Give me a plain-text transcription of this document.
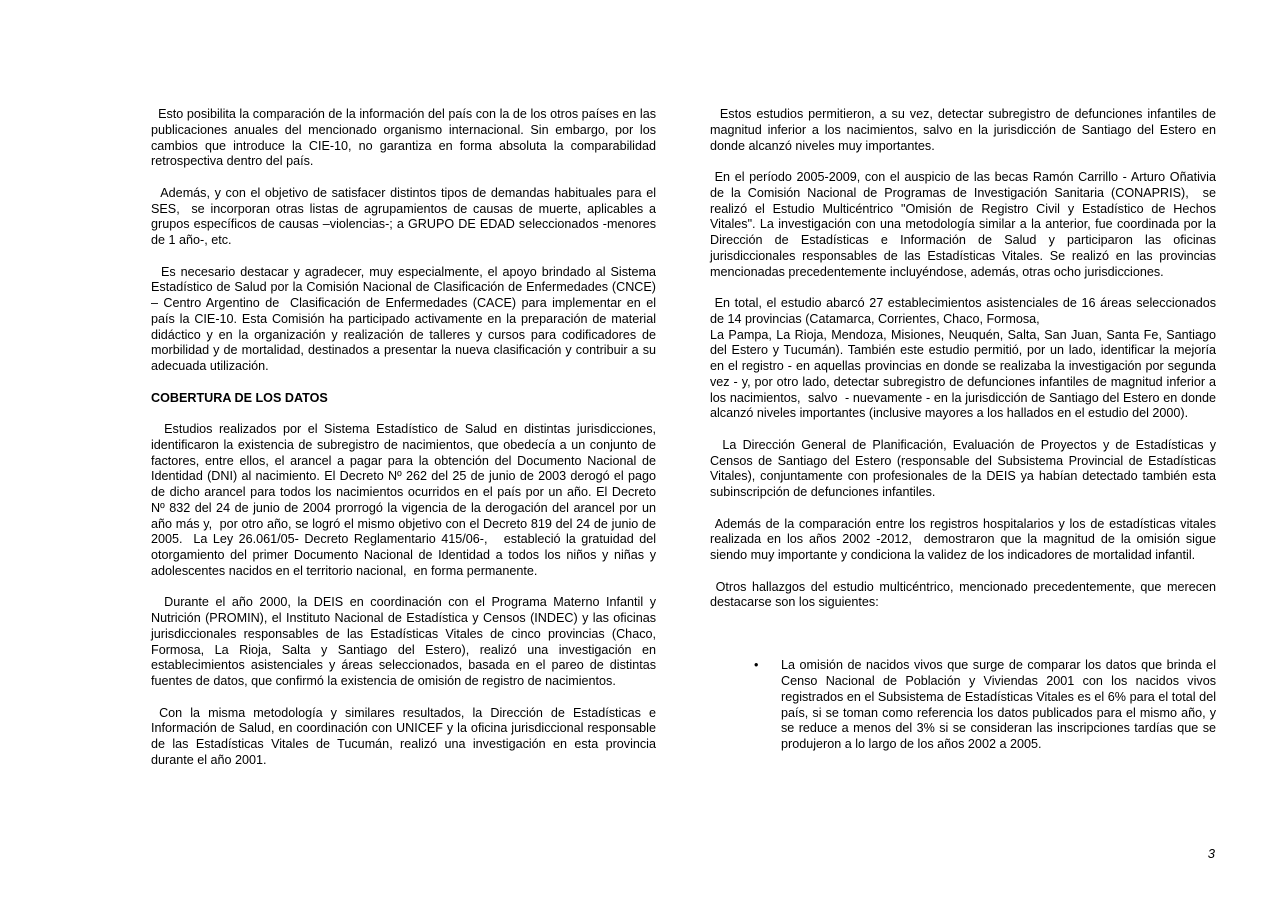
Esto posibilita la comparación de la información del país con la de los otros países en las publicaciones anuales del mencionado organismo internacional. Sin embargo, por los cambios que introduce la CIE-10, no garantiza en forma absoluta la comparabilidad retrospectiva dentro del país.

Además, y con el objetivo de satisfacer distintos tipos de demandas habituales para el SES,  se incorporan otras listas de agrupamientos de causas de muerte, aplicables a grupos específicos de causas –violencias-; a GRUPO DE EDAD seleccionados -menores de 1 año-, etc.

Es necesario destacar y agradecer, muy especialmente, el apoyo brindado al Sistema Estadístico de Salud por la Comisión Nacional de Clasificación de Enfermedades (CNCE) – Centro Argentino de  Clasificación de Enfermedades (CACE) para implementar en el país la CIE-10. Esta Comisión ha participado activamente en la preparación de material didáctico y en la organización y realización de talleres y cursos para codificadores de morbilidad y de mortalidad, destinados a presentar la nueva clasificación y contribuir a su adecuada utilización.

COBERTURA DE LOS DATOS

Estudios realizados por el Sistema Estadístico de Salud en distintas jurisdicciones, identificaron la existencia de subregistro de nacimientos, que obedecía a un conjunto de factores, entre ellos, el arancel a pagar para la obtención del Documento Nacional de Identidad (DNI) al nacimiento. El Decreto Nº 262 del 25 de junio de 2003 derogó el pago de dicho arancel para todos los nacimientos ocurridos en el país por un año. El Decreto Nº 832 del 24 de junio de 2004 prorrogó la vigencia de la derogación del arancel por un año más y,  por otro año, se logró el mismo objetivo con el Decreto 819 del 24 de junio de 2005.  La Ley 26.061/05- Decreto Reglamentario 415/06-,   estableció la gratuidad del otorgamiento del primer Documento Nacional de Identidad a todos los niños y niñas y adolescentes nacidos en el territorio nacional,  en forma permanente.

Durante el año 2000, la DEIS en coordinación con el Programa Materno Infantil y Nutrición (PROMIN), el Instituto Nacional de Estadística y Censos (INDEC) y las oficinas jurisdiccionales responsables de las Estadísticas Vitales de cinco provincias (Chaco, Formosa, La Rioja, Salta y Santiago del Estero), realizó una investigación en establecimientos asistenciales y áreas seleccionados, basada en el pareo de distintas fuentes de datos, que confirmó la existencia de omisión de registro de nacimientos.

Con la misma metodología y similares resultados, la Dirección de Estadísticas e Información de Salud, en coordinación con UNICEF y la oficina jurisdiccional responsable de las Estadísticas Vitales de Tucumán, realizó una investigación en esta provincia durante el año 2001.

Estos estudios permitieron, a su vez, detectar subregistro de defunciones infantiles de magnitud inferior a los nacimientos, salvo en la jurisdicción de Santiago del Estero en donde alcanzó niveles muy importantes.

En el período 2005-2009, con el auspicio de las becas Ramón Carrillo - Arturo Oñativia de la Comisión Nacional de Programas de Investigación Sanitaria (CONAPRIS),  se realizó el Estudio Multicéntrico "Omisión de Registro Civil y Estadístico de Hechos Vitales". La investigación con una metodología similar a la anterior, fue coordinada por la Dirección de Estadísticas e Información de Salud y participaron las oficinas  jurisdiccionales responsables de las Estadísticas Vitales. Se realizó en las provincias mencionadas precedentemente incluyéndose, además, otras ocho jurisdicciones.

En total, el estudio abarcó 27 establecimientos asistenciales de 16 áreas seleccionados de 14 provincias (Catamarca, Corrientes, Chaco, Formosa,
La Pampa, La Rioja, Mendoza, Misiones, Neuquén, Salta, San Juan, Santa Fe, Santiago del Estero y Tucumán). También este estudio permitió, por un lado, identificar la mejoría en el registro - en aquellas provincias en donde se realizaba la investigación por segunda vez - y, por otro lado, detectar subregistro de defunciones infantiles de magnitud inferior a los nacimientos,  salvo  - nuevamente - en la jurisdicción de Santiago del Estero en donde alcanzó niveles importantes (inclusive mayores a los hallados en el estudio del 2000).

La Dirección General de Planificación, Evaluación de Proyectos y de Estadísticas y Censos de Santiago del Estero (responsable del Subsistema Provincial de Estadísticas Vitales), conjuntamente con profesionales de la DEIS ya habían detectado también esta  subinscripción de defunciones infantiles.

Además de la comparación entre los registros hospitalarios y los de estadísticas vitales realizada en los años 2002 -2012,  demostraron que la magnitud de la omisión sigue siendo muy importante y condiciona la validez de los indicadores de mortalidad infantil.

Otros hallazgos del estudio multicéntrico, mencionado precedentemente, que merecen destacarse son los siguientes:

• La omisión de nacidos vivos que surge de comparar los datos que brinda el Censo Nacional de Población y Viviendas 2001 con los nacidos vivos registrados en el Subsistema de Estadísticas Vitales es el 6% para el total del país, si se toman como referencia los datos publicados para el mismo año, y se reduce a menos del 3% si se consideran las inscripciones tardías que se produjeron a lo largo de los años 2002 a 2005.
3
